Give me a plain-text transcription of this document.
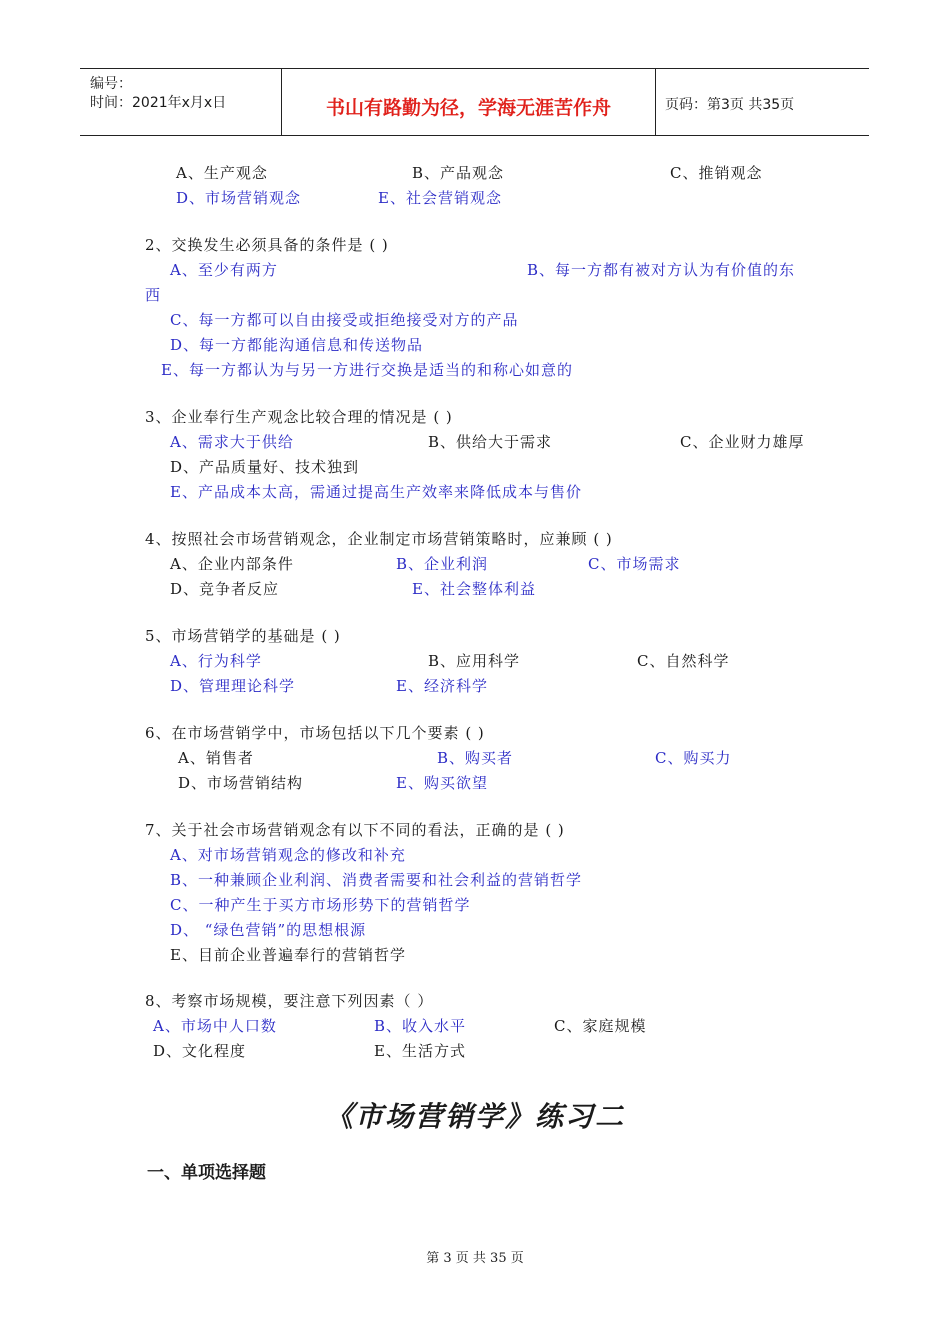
编号：
时间：2021年x月x日	书山有路勤为径，学海无涯苦作舟	页码：第3页 共35页
A、生产观念	B、产品观念	C、推销观念
D、市场营销观念	E、社会营销观念
2、交换发生必须具备的条件是 ( )
A、至少有两方	B、每一方都有被对方认为有价值的东
西
C、每一方都可以自由接受或拒绝接受对方的产品
D、每一方都能沟通信息和传送物品
E、每一方都认为与另一方进行交换是适当的和称心如意的
3、企业奉行生产观念比较合理的情况是 ( )
A、需求大于供给	B、供给大于需求	C、企业财力雄厚
D、产品质量好、技术独到
E、产品成本太高，需通过提高生产效率来降低成本与售价
4、按照社会市场营销观念，企业制定市场营销策略时，应兼顾 ( )
A、企业内部条件	B、企业利润	C、市场需求
D、竞争者反应	E、社会整体利益
5、市场营销学的基础是 ( )
A、行为科学	B、应用科学	C、自然科学
D、管理理论科学	E、经济科学
6、在市场营销学中，市场包括以下几个要素 ( )
A、销售者	B、购买者	C、购买力
D、市场营销结构	E、购买欲望
7、关于社会市场营销观念有以下不同的看法，正确的是 ( )
A、对市场营销观念的修改和补充
B、一种兼顾企业利润、消费者需要和社会利益的营销哲学
C、一种产生于买方市场形势下的营销哲学
D、 “绿色营销”的思想根源
E、目前企业普遍奉行的营销哲学
8、考察市场规模，要注意下列因素（ ）
A、市场中人口数	B、收入水平	C、家庭规模
D、文化程度	E、生活方式
《市场营销学》练习二
一、单项选择题
第 3 页 共 35 页
